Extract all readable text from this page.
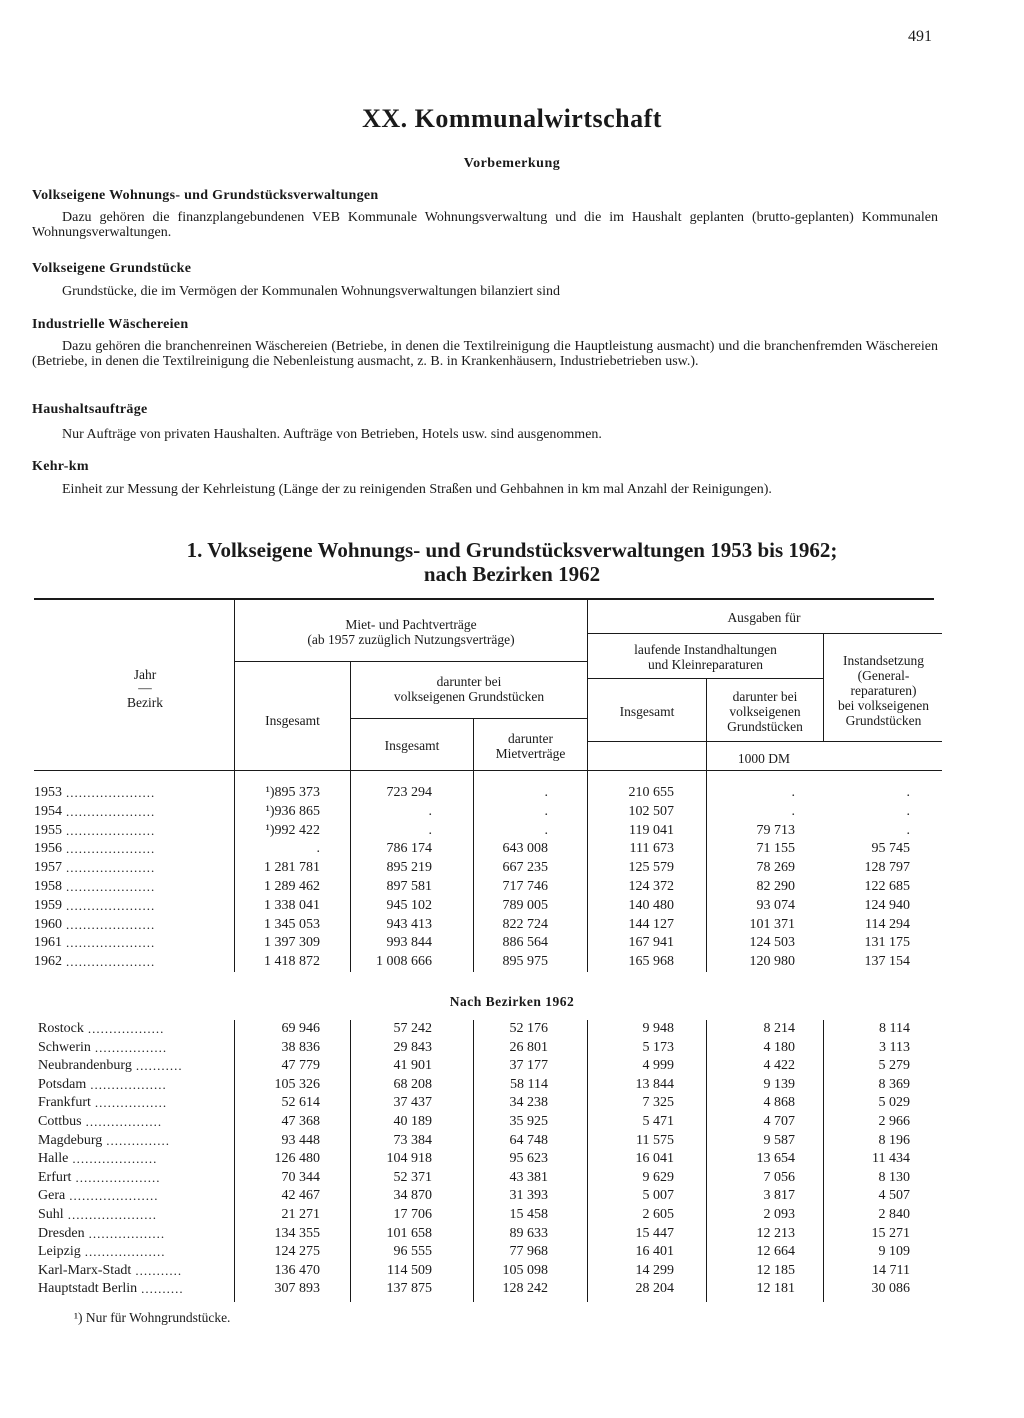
491
XX. Kommunalwirtschaft
Vorbemerkung
Volkseigene Wohnungs- und Grundstücksverwaltungen
Dazu gehören die finanzplangebundenen VEB Kommunale Wohnungsverwaltung und die im Haushalt geplanten (brutto-geplanten) Kommunalen Wohnungsverwaltungen.
Volkseigene Grundstücke
Grundstücke, die im Vermögen der Kommunalen Wohnungsverwaltungen bilanziert sind
Industrielle Wäschereien
Dazu gehören die branchenreinen Wäschereien (Betriebe, in denen die Textilreinigung die Hauptleistung ausmacht) und die branchenfremden Wäschereien (Betriebe, in denen die Textilreinigung die Nebenleistung ausmacht, z. B. in Krankenhäusern, Industriebetrieben usw.).
Haushaltsaufträge
Nur Aufträge von privaten Haushalten. Aufträge von Betrieben, Hotels usw. sind ausgenommen.
Kehr-km
Einheit zur Messung der Kehrleistung (Länge der zu reinigenden Straßen und Gehbahnen in km mal Anzahl der Reinigungen).
1. Volkseigene Wohnungs- und Grundstücksverwaltungen 1953 bis 1962;
nach Bezirken 1962
Jahr
—
Bezirk
Miet- und Pachtverträge
(ab 1957 zuzüglich Nutzungsverträge)
Insgesamt
darunter bei
volkseigenen Grundstücken
Insgesamt	darunter
Mietverträge
Ausgaben für
laufende Instandhaltungen
und Kleinreparaturen
Insgesamt
darunter bei
volkseigenen
Grundstücken
Instandsetzung
(General-
reparaturen)
bei volkseigenen
Grundstücken
1000 DM
1953 .....................	¹)895 373	723 294	.	210 655	.	.
1954 .....................	¹)936 865	.	.	102 507	.	.
1955 .....................	¹)992 422	.	.	119 041	79 713	.
1956 .....................	.	786 174	643 008	111 673	71 155	95 745
1957 .....................	1 281 781	895 219	667 235	125 579	78 269	128 797
1958 .....................	1 289 462	897 581	717 746	124 372	82 290	122 685
1959 .....................	1 338 041	945 102	789 005	140 480	93 074	124 940
1960 .....................	1 345 053	943 413	822 724	144 127	101 371	114 294
1961 .....................	1 397 309	993 844	886 564	167 941	124 503	131 175
1962 .....................	1 418 872	1 008 666	895 975	165 968	120 980	137 154
Nach Bezirken 1962
Rostock ..................	69 946	57 242	52 176	9 948	8 214	8 114
Schwerin .................	38 836	29 843	26 801	5 173	4 180	3 113
Neubrandenburg ...........	47 779	41 901	37 177	4 999	4 422	5 279
Potsdam ..................	105 326	68 208	58 114	13 844	9 139	8 369
Frankfurt .................	52 614	37 437	34 238	7 325	4 868	5 029
Cottbus ..................	47 368	40 189	35 925	5 471	4 707	2 966
Magdeburg ...............	93 448	73 384	64 748	11 575	9 587	8 196
Halle ....................	126 480	104 918	95 623	16 041	13 654	11 434
Erfurt ....................	70 344	52 371	43 381	9 629	7 056	8 130
Gera .....................	42 467	34 870	31 393	5 007	3 817	4 507
Suhl .....................	21 271	17 706	15 458	2 605	2 093	2 840
Dresden ..................	134 355	101 658	89 633	15 447	12 213	15 271
Leipzig ...................	124 275	96 555	77 968	16 401	12 664	9 109
Karl-Marx-Stadt ...........	136 470	114 509	105 098	14 299	12 185	14 711
Hauptstadt Berlin ..........	307 893	137 875	128 242	28 204	12 181	30 086
¹) Nur für Wohngrundstücke.
